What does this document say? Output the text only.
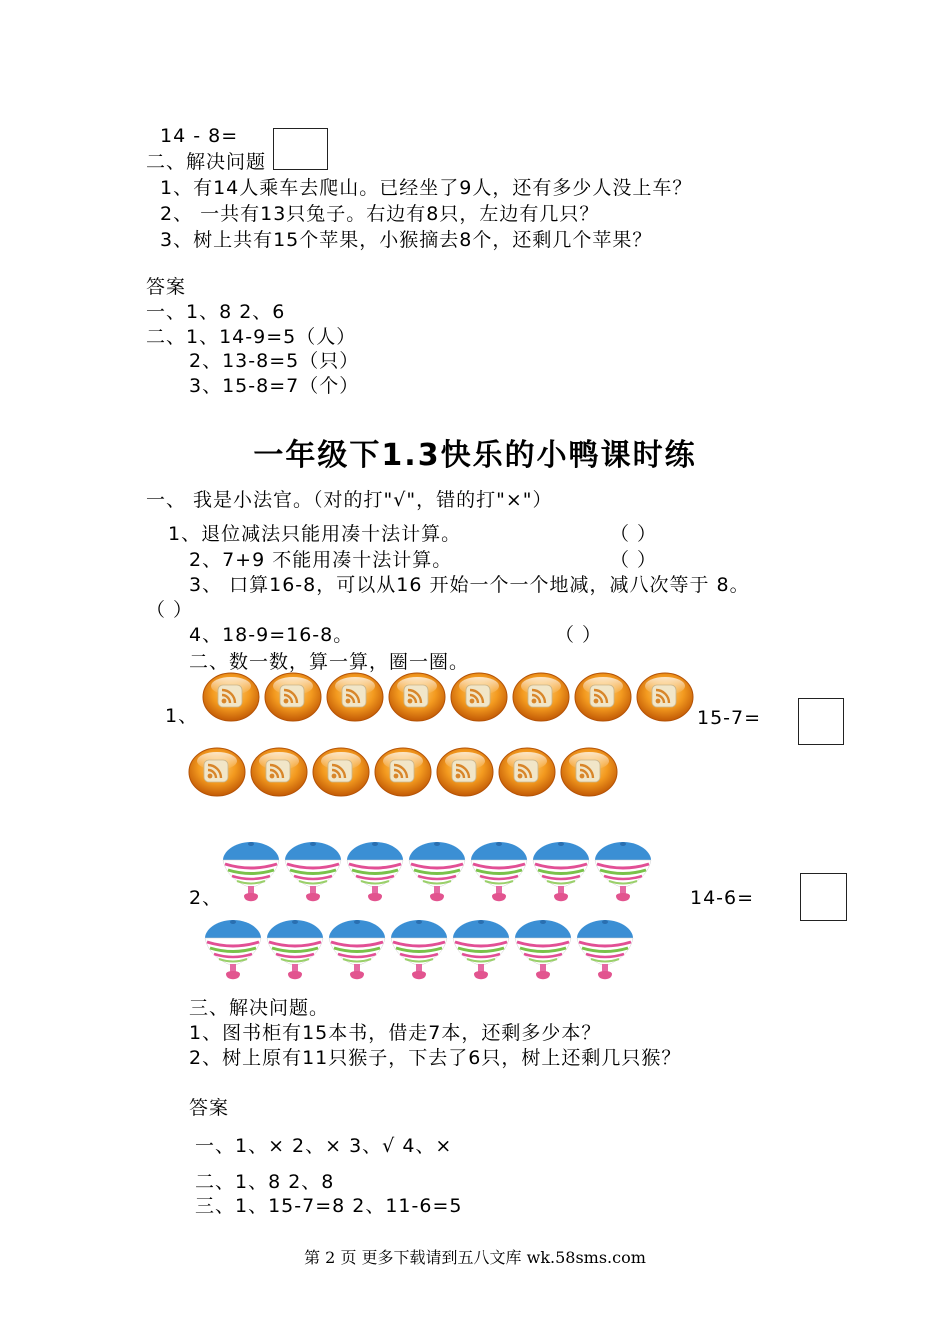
14 - 8=
二、解决问题
1、有14人乘车去爬山。已经坐了9人，还有多少人没上车？
2、 一共有13只兔子。右边有8只，左边有几只？
3、树上共有15个苹果，小猴摘去8个，还剩几个苹果？
答案
一、1、8 2、6
二、1、14-9=5（人）
2、13-8=5（只）
3、15-8=7（个）
一年级下1.3快乐的小鸭课时练
一、 我是小法官。（对的打"√"，错的打"×"）
1、退位减法只能用凑十法计算。	（ ）
2、7+9 不能用凑十法计算。	（ ）
3、 口算16-8，可以从16 开始一个一个地减，减八次等于 8。
（ ）
4、18-9=16-8。	（ ）
二、数一数，算一算，圈一圈。
1、	15-7=
2、	14-6=
三、解决问题。
1、图书柜有15本书，借走7本，还剩多少本？
2、树上原有11只猴子，下去了6只，树上还剩几只猴？
答案
一、1、× 2、× 3、√ 4、×
二、1、8 2、8
三、1、15-7=8 2、11-6=5
第 2 页 更多下载请到五八文库 wk.58sms.com
